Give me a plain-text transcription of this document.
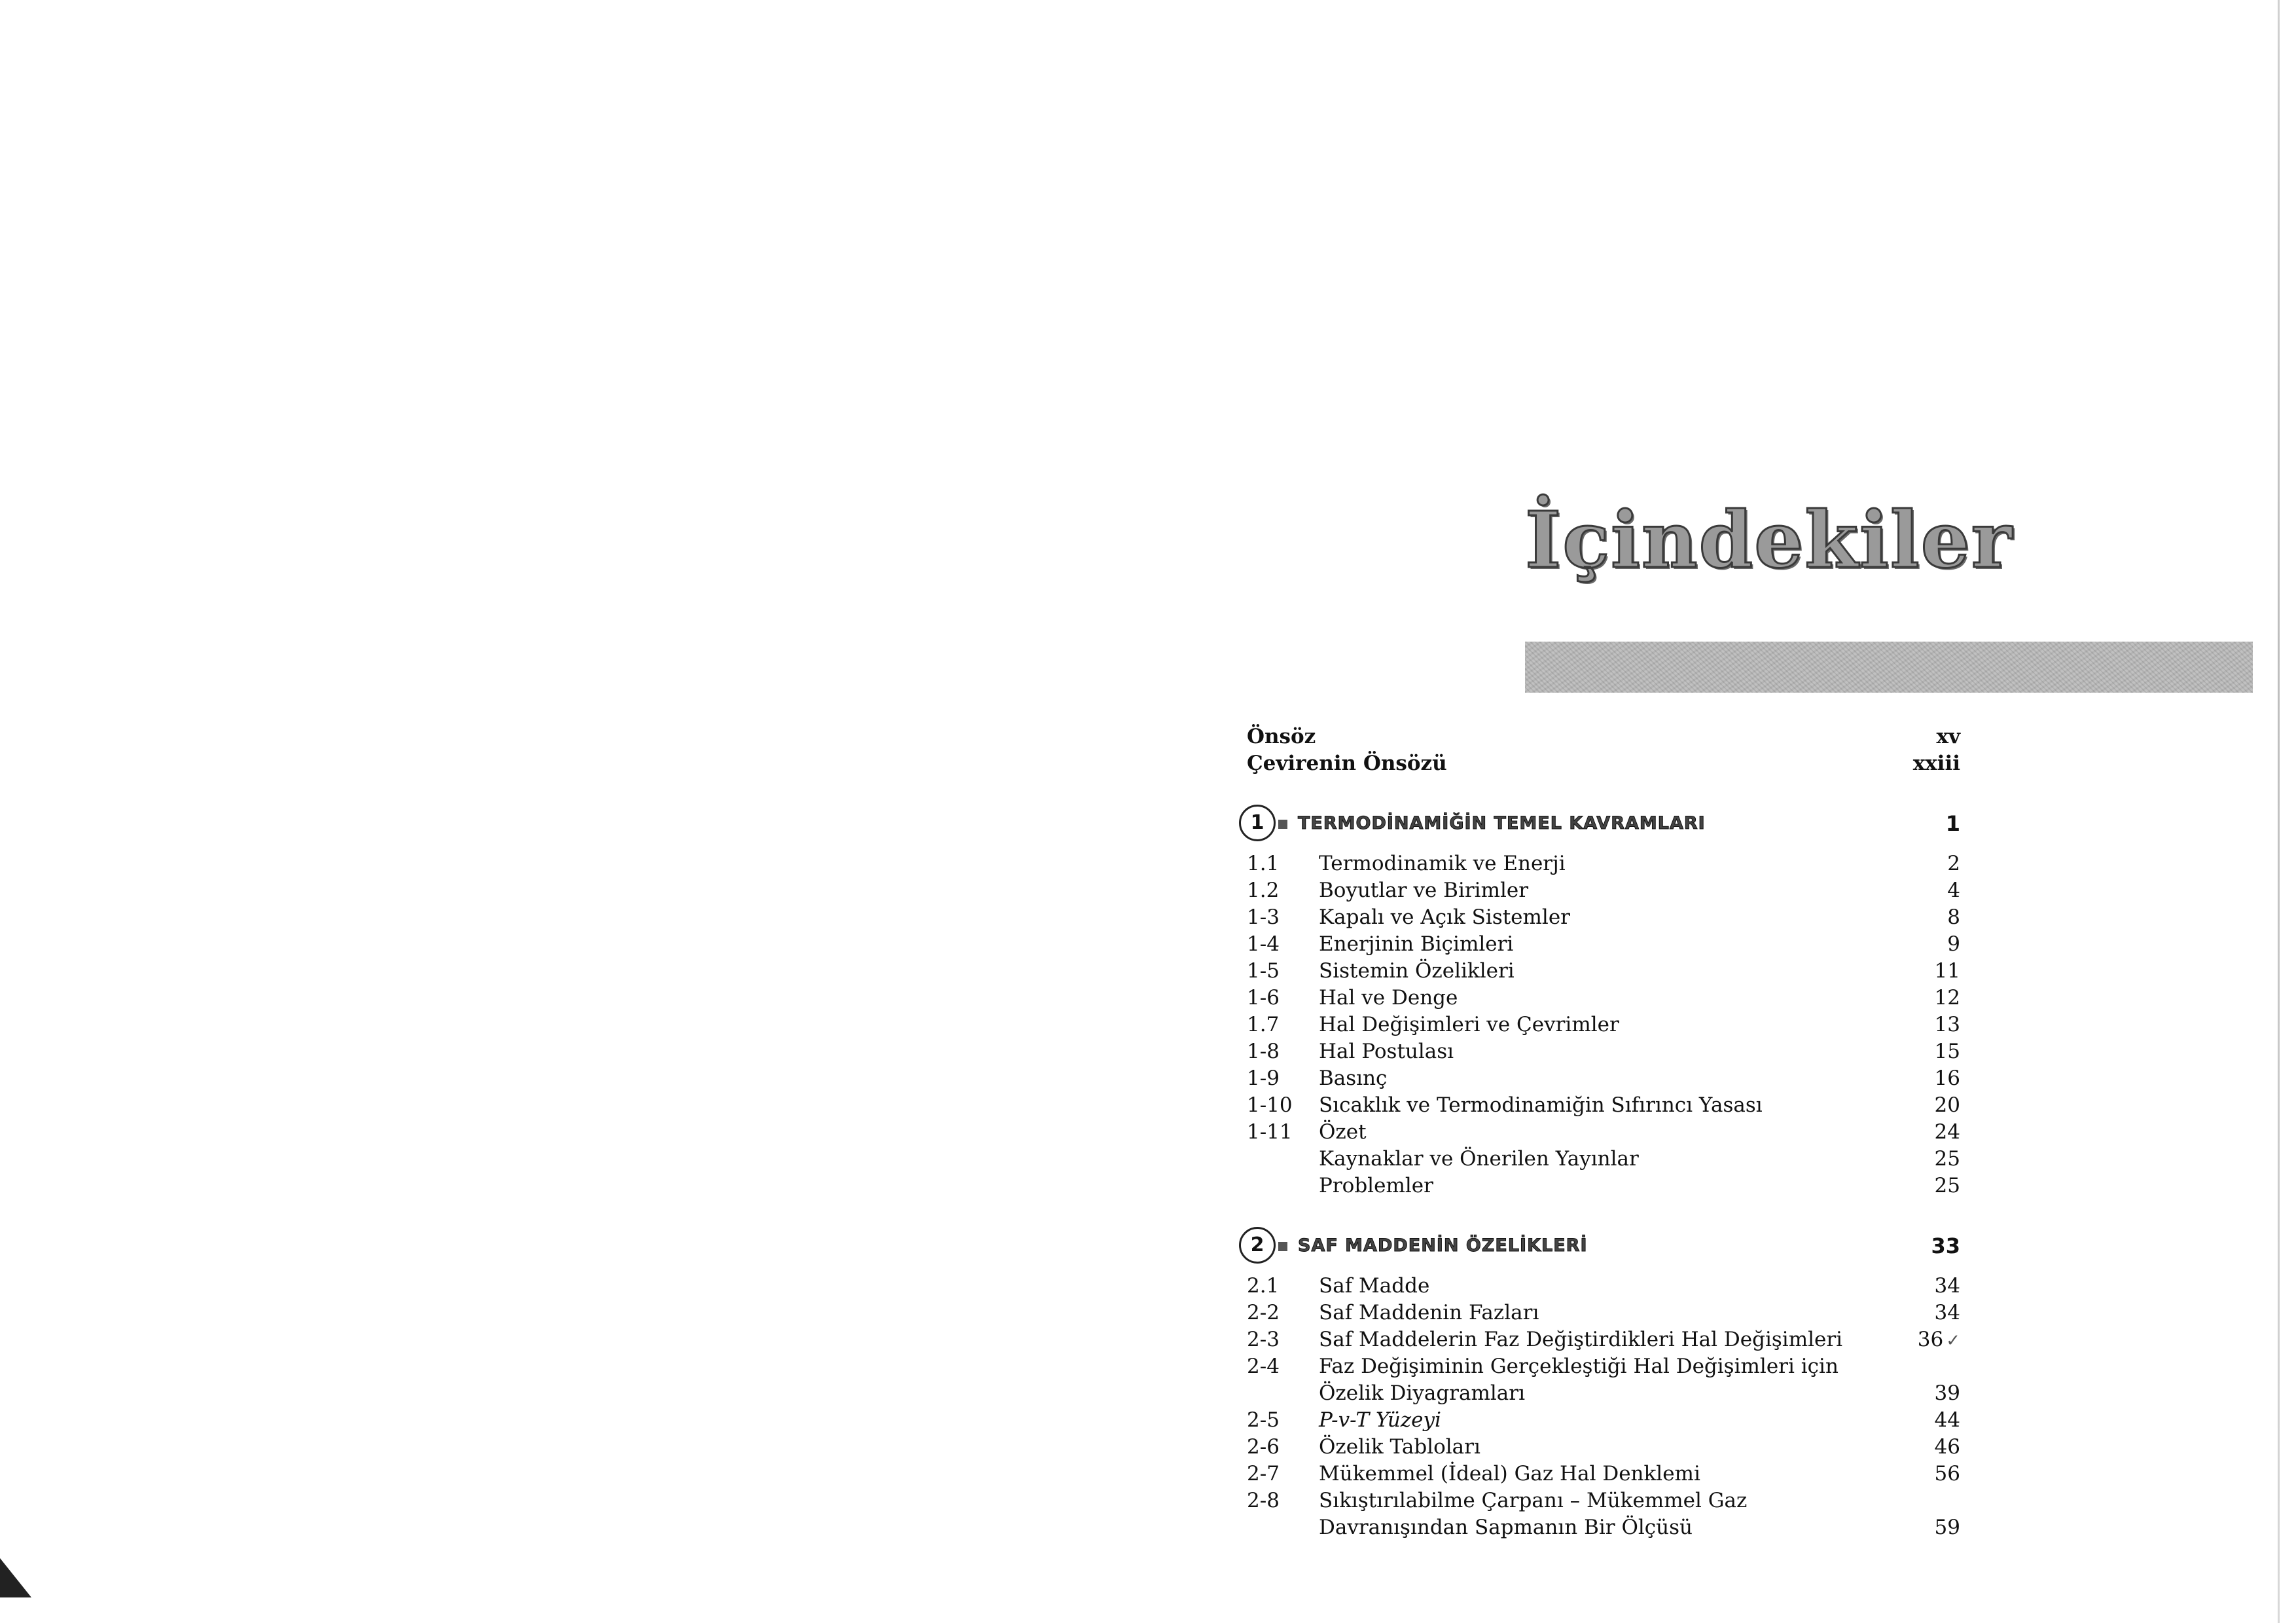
İçindekiler
Önsöz	xv
Çevirenin Önsözü	xxiii
1	TERMODİNAMİĞİN TEMEL KAVRAMLARI	1
1.1 Termodinamik ve Enerji	2
1.2 Boyutlar ve Birimler	4
1-3 Kapalı ve Açık Sistemler	8
1-4 Enerjinin Biçimleri	9
1-5 Sistemin Özelikleri	11
1-6 Hal ve Denge	12
1.7 Hal Değişimleri ve Çevrimler	13
1-8 Hal Postulası	15
1-9 Basınç	16
1-10 Sıcaklık ve Termodinamiğin Sıfırıncı Yasası	20
1-11 Özet	24
Kaynaklar ve Önerilen Yayınlar	25
Problemler	25
2	SAF MADDENİN ÖZELİKLERİ	33
2.1 Saf Madde	34
2-2 Saf Maddenin Fazları	34
2-3 Saf Maddelerin Faz Değiştirdikleri Hal Değişimleri	36 ✓
2-4 Faz Değişiminin Gerçekleştiği Hal Değişimleri için
Özelik Diyagramları	39
2-5 P-v-T Yüzeyi	44
2-6 Özelik Tabloları	46
2-7 Mükemmel (İdeal) Gaz Hal Denklemi	56
2-8 Sıkıştırılabilme Çarpanı – Mükemmel Gaz
Davranışından Sapmanın Bir Ölçüsü	59
